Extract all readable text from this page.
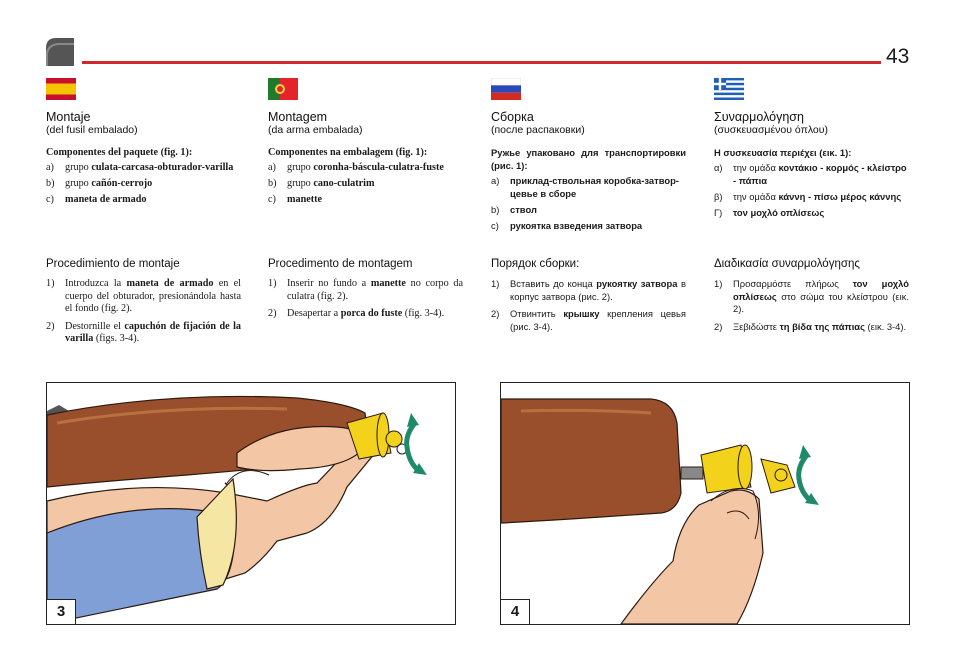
43
Montaje
(del fusil embalado)
Componentes del paquete (fig. 1):
a) grupo culata-carcasa-obturador-varilla
b) grupo cañón-cerrojo
c) maneta de armado
Procedimiento de montaje
1) Introduzca la maneta de armado en el cuerpo del obturador, presionándola hasta el fondo (fig. 2).
2) Destornille el capuchón de fijación de la varilla (figs. 3-4).
Montagem
(da arma embalada)
Componentes na embalagem (fig. 1):
a) grupo coronha-báscula-culatra-fuste
b) grupo cano-culatrim
c) manette
Procedimento de montagem
1) Inserir no fundo a manette no corpo da culatra (fig. 2).
2) Desapertar a porca do fuste (fig. 3-4).
Сборка
(после распаковки)
Ружье упаковано для транспортировки (рис. 1):
a) приклад-ствольная коробка-затвор-цевье в сборе
b) ствол
c) рукоятка взведения затвора
Порядок сборки:
1) Вставить до конца рукоятку затвора в корпус затвора (рис. 2).
2) Отвинтить крышку крепления цевья (рис. 3-4).
Συναρμολόγηση
(συσκευασμένου όπλου)
Η συσκευασία περιέχει (εικ. 1):
α) την ομάδα κοντάκιο - κορμός - κλείστρο - πάπια
β) την ομάδα κάννη - πίσω μέρος κάννης
Γ) τον μοχλό οπλίσεως
Διαδικασία συναρμολόγησης
1) Προσαρμόστε πλήρως τον μοχλό οπλίσεως στο σώμα του κλείστρου (εικ. 2).
2) Ξεβιδώστε τη βίδα της πάπιας (εικ. 3-4).
3	4
